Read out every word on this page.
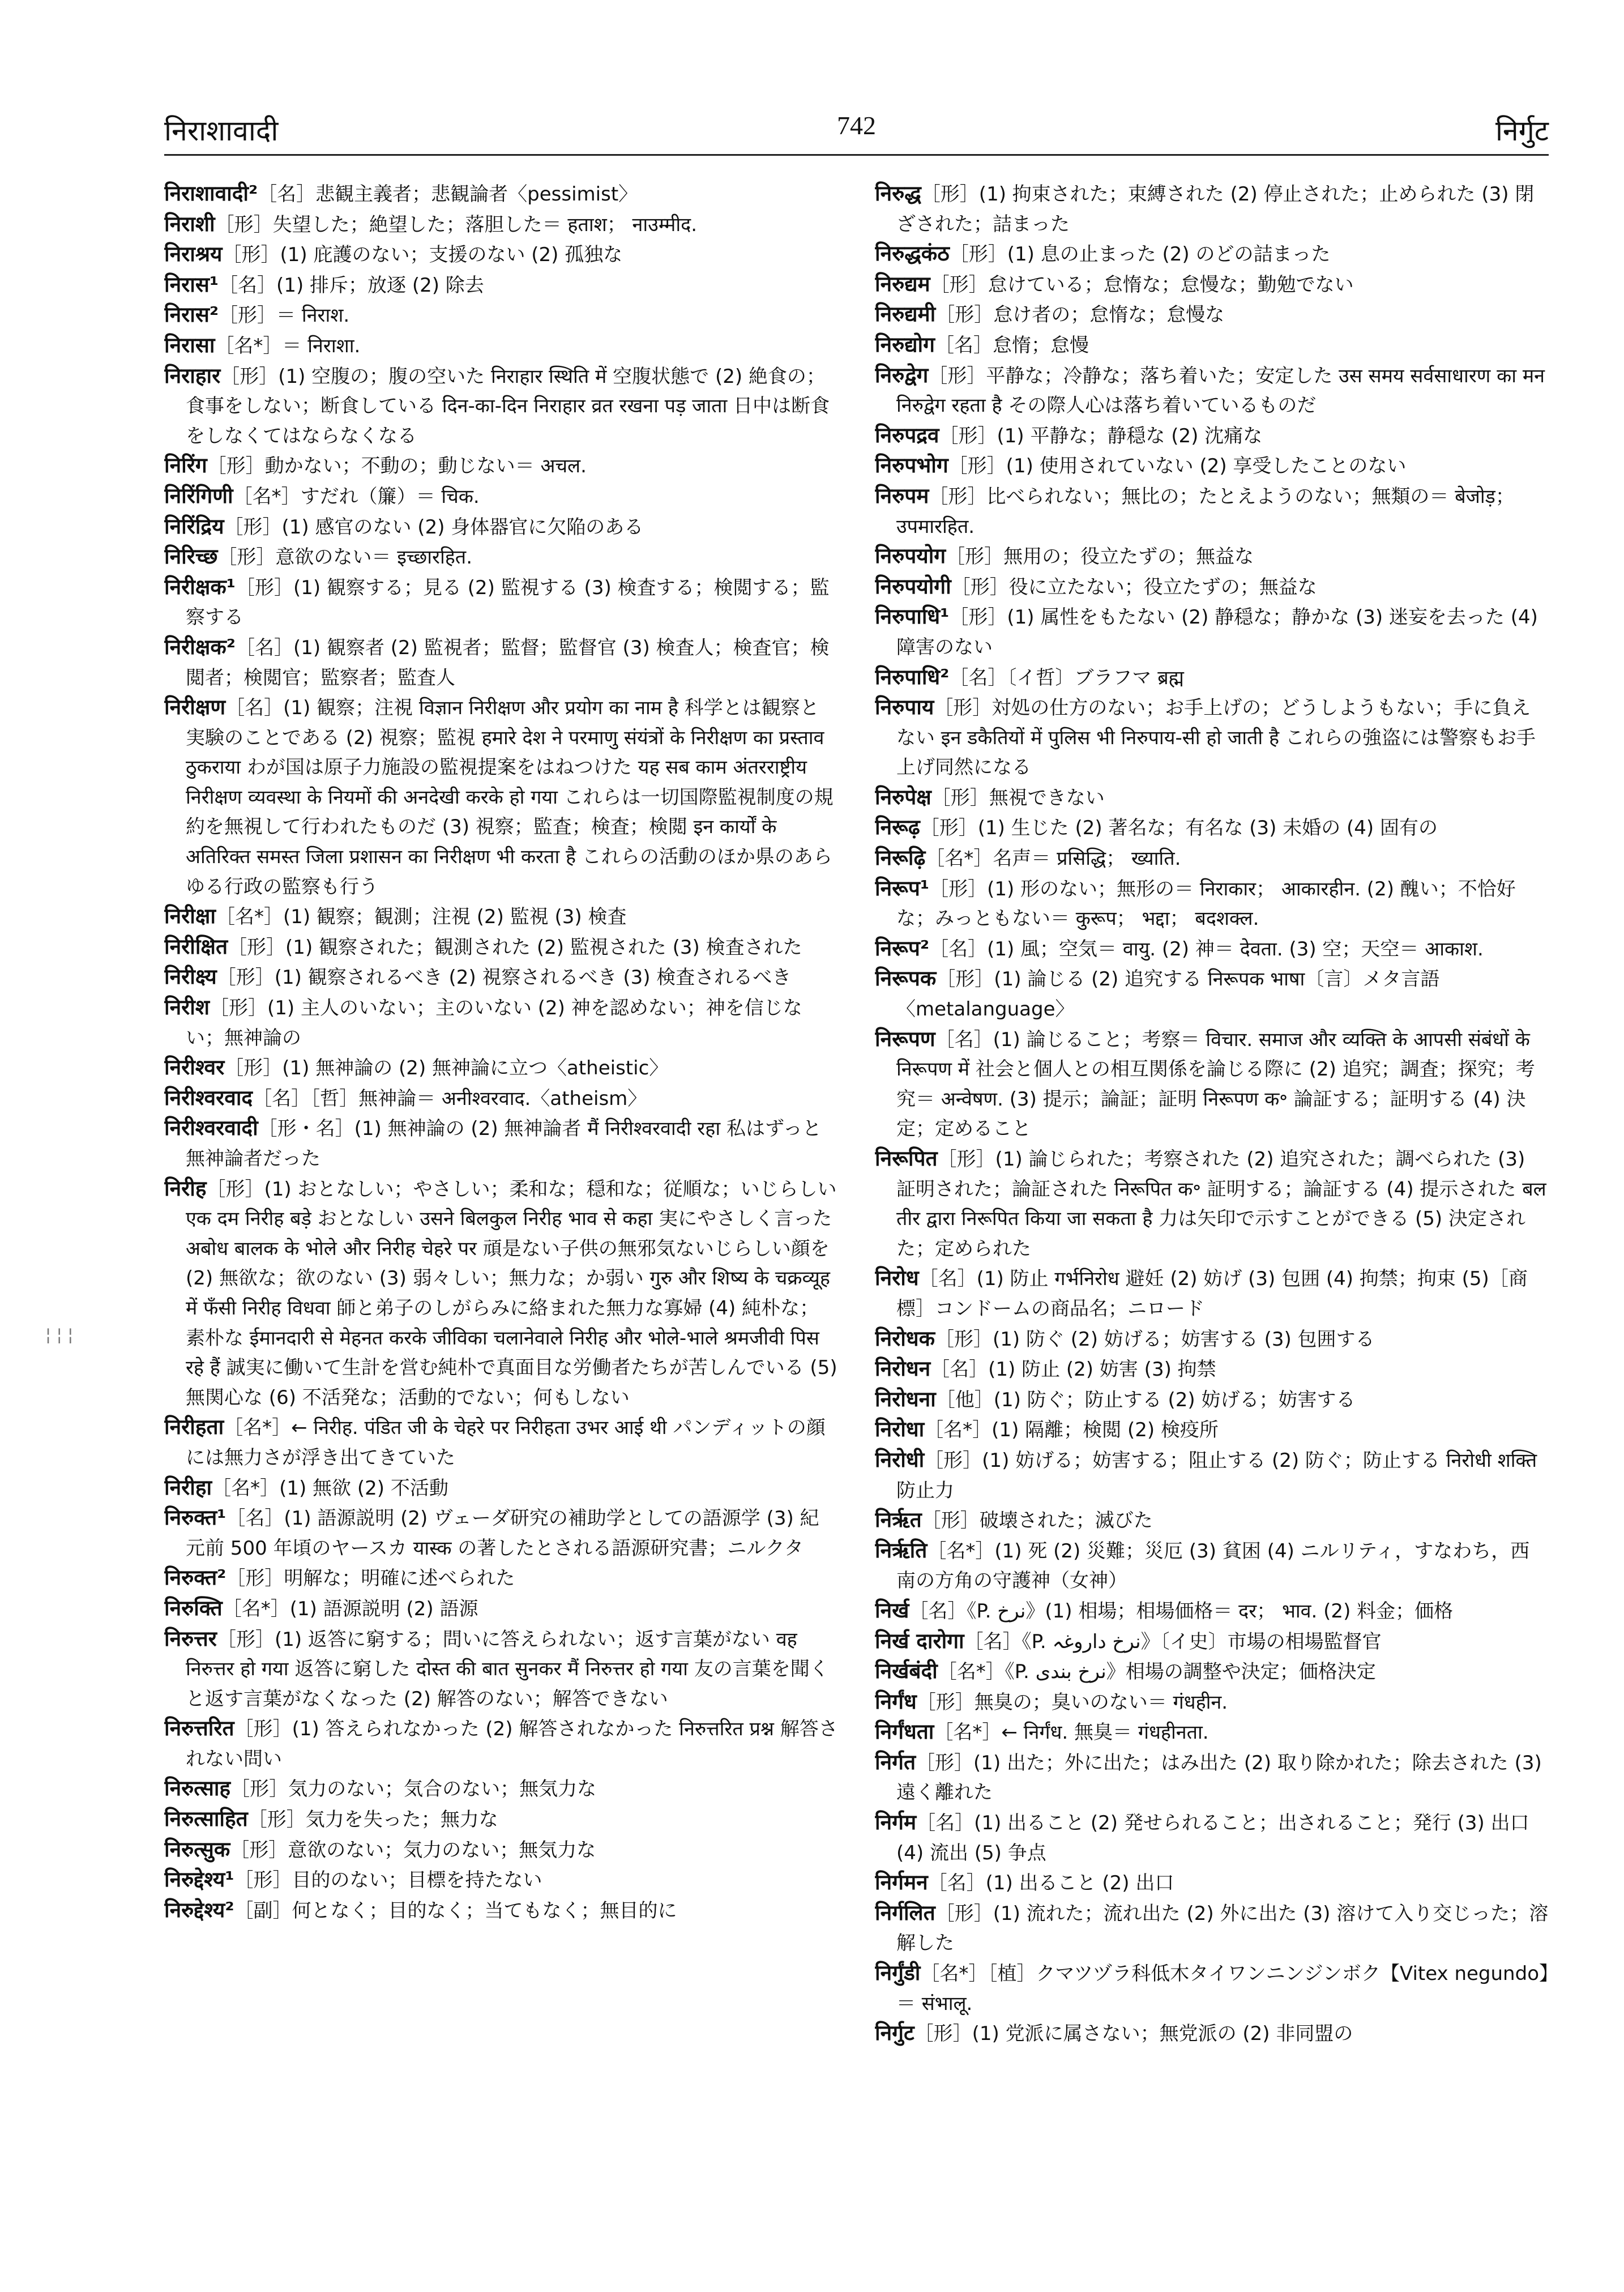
निराशावादी	742	निर्गुट
¦ ¦ ¦
निराशावादी²［名］悲観主義者；悲観論者〈pessimist〉
निराशी［形］失望した；絶望した；落胆した＝ हताश； नाउम्मीद.
निराश्रय［形］(1) 庇護のない；支援のない (2) 孤独な
निरास¹［名］(1) 排斥；放逐 (2) 除去
निरास²［形］＝ निराश.
निरासा［名*］＝ निराशा.
निराहार［形］(1) 空腹の；腹の空いた निराहार स्थिति में 空腹状態で (2) 絶食の；食事をしない；断食している दिन-का-दिन निराहार व्रत रखना पड़ जाता 日中は断食をしなくてはならなくなる
निरिंग［形］動かない；不動の；動じない＝ अचल.
निरिंगिणी［名*］すだれ（簾）＝ चिक.
निरिंद्रिय［形］(1) 感官のない (2) 身体器官に欠陥のある
निरिच्छ［形］意欲のない＝ इच्छारहित.
निरीक्षक¹［形］(1) 観察する；見る (2) 監視する (3) 検査する；検閲する；監察する
निरीक्षक²［名］(1) 観察者 (2) 監視者；監督；監督官 (3) 検査人；検査官；検閲者；検閲官；監察者；監査人
निरीक्षण［名］(1) 観察；注視 विज्ञान निरीक्षण और प्रयोग का नाम है 科学とは観察と実験のことである (2) 視察；監視 हमारे देश ने परमाणु संयंत्रों के निरीक्षण का प्रस्ताव ठुकराया わが国は原子力施設の監視提案をはねつけた यह सब काम अंतरराष्ट्रीय निरीक्षण व्यवस्था के नियमों की अनदेखी करके हो गया これらは一切国際監視制度の規約を無視して行われたものだ (3) 視察；監査；検査；検閲 इन कार्यों के अतिरिक्त समस्त जिला प्रशासन का निरीक्षण भी करता है これらの活動のほか県のあらゆる行政の監察も行う
निरीक्षा［名*］(1) 観察；観測；注視 (2) 監視 (3) 検査
निरीक्षित［形］(1) 観察された；観測された (2) 監視された (3) 検査された
निरीक्ष्य［形］(1) 観察されるべき (2) 視察されるべき (3) 検査されるべき
निरीश［形］(1) 主人のいない；主のいない (2) 神を認めない；神を信じない；無神論の
निरीश्वर［形］(1) 無神論の (2) 無神論に立つ〈atheistic〉
निरीश्वरवाद［名］［哲］無神論＝ अनीश्वरवाद.〈atheism〉
निरीश्वरवादी［形・名］(1) 無神論の (2) 無神論者 मैं निरीश्वरवादी रहा 私はずっと無神論者だった
निरीह［形］(1) おとなしい；やさしい；柔和な；穏和な；従順な；いじらしい एक दम निरीह बड़े おとなしい उसने बिलकुल निरीह भाव से कहा 実にやさしく言った अबोध बालक के भोले और निरीह चेहरे पर 頑是ない子供の無邪気ないじらしい顔を (2) 無欲な；欲のない (3) 弱々しい；無力な；か弱い गुरु और शिष्य के चक्रव्यूह में फँसी निरीह विधवा 師と弟子のしがらみに絡まれた無力な寡婦 (4) 純朴な；素朴な ईमानदारी से मेहनत करके जीविका चलानेवाले निरीह और भोले-भाले श्रमजीवी पिस रहे हैं 誠実に働いて生計を営む純朴で真面目な労働者たちが苦しんでいる (5) 無関心な (6) 不活発な；活動的でない；何もしない
निरीहता［名*］← निरीह. पंडित जी के चेहरे पर निरीहता उभर आई थी パンディットの顔には無力さが浮き出てきていた
निरीहा［名*］(1) 無欲 (2) 不活動
निरुक्त¹［名］(1) 語源説明 (2) ヴェーダ研究の補助学としての語源学 (3) 紀元前 500 年頃のヤースカ यास्क の著したとされる語源研究書；ニルクタ
निरुक्त²［形］明解な；明確に述べられた
निरुक्ति［名*］(1) 語源説明 (2) 語源
निरुत्तर［形］(1) 返答に窮する；問いに答えられない；返す言葉がない वह निरुत्तर हो गया 返答に窮した दोस्त की बात सुनकर मैं निरुत्तर हो गया 友の言葉を聞くと返す言葉がなくなった (2) 解答のない；解答できない
निरुत्तरित［形］(1) 答えられなかった (2) 解答されなかった निरुत्तरित प्रश्न 解答されない問い
निरुत्साह［形］気力のない；気合のない；無気力な
निरुत्साहित［形］気力を失った；無力な
निरुत्सुक［形］意欲のない；気力のない；無気力な
निरुद्देश्य¹［形］目的のない；目標を持たない
निरुद्देश्य²［副］何となく；目的なく；当てもなく；無目的に
निरुद्ध［形］(1) 拘束された；束縛された (2) 停止された；止められた (3) 閉ざされた；詰まった
निरुद्धकंठ［形］(1) 息の止まった (2) のどの詰まった
निरुद्यम［形］怠けている；怠惰な；怠慢な；勤勉でない
निरुद्यमी［形］怠け者の；怠惰な；怠慢な
निरुद्योग［名］怠惰；怠慢
निरुद्वेग［形］平静な；冷静な；落ち着いた；安定した उस समय सर्वसाधारण का मन निरुद्वेग रहता है その際人心は落ち着いているものだ
निरुपद्रव［形］(1) 平静な；静穏な (2) 沈痛な
निरुपभोग［形］(1) 使用されていない (2) 享受したことのない
निरुपम［形］比べられない；無比の；たとえようのない；無類の＝ बेजोड़； उपमारहित.
निरुपयोग［形］無用の；役立たずの；無益な
निरुपयोगी［形］役に立たない；役立たずの；無益な
निरुपाधि¹［形］(1) 属性をもたない (2) 静穏な；静かな (3) 迷妄を去った (4) 障害のない
निरुपाधि²［名］〔イ哲〕ブラフマ ब्रह्म
निरुपाय［形］対処の仕方のない；お手上げの；どうしようもない；手に負えない इन डकैतियों में पुलिस भी निरुपाय-सी हो जाती है これらの強盗には警察もお手上げ同然になる
निरुपेक्ष［形］無視できない
निरूढ़［形］(1) 生じた (2) 著名な；有名な (3) 未婚の (4) 固有の
निरूढ़ि［名*］名声＝ प्रसिद्धि； ख्याति.
निरूप¹［形］(1) 形のない；無形の＝ निराकार； आकारहीन. (2) 醜い；不恰好な；みっともない＝ कुरूप； भद्दा； बदशक्ल.
निरूप²［名］(1) 風；空気＝ वायु. (2) 神＝ देवता. (3) 空；天空＝ आकाश.
निरूपक［形］(1) 論じる (2) 追究する निरूपक भाषा〔言〕メタ言語〈metalanguage〉
निरूपण［名］(1) 論じること；考察＝ विचार. समाज और व्यक्ति के आपसी संबंधों के निरूपण में 社会と個人との相互関係を論じる際に (2) 追究；調査；探究；考究＝ अन्वेषण. (3) 提示；論証；証明 निरूपण क॰ 論証する；証明する (4) 決定；定めること
निरूपित［形］(1) 論じられた；考察された (2) 追究された；調べられた (3) 証明された；論証された निरूपित क॰ 証明する；論証する (4) 提示された बल तीर द्वारा निरूपित किया जा सकता है 力は矢印で示すことができる (5) 決定された；定められた
निरोध［名］(1) 防止 गर्भनिरोध 避妊 (2) 妨げ (3) 包囲 (4) 拘禁；拘束 (5)［商標］コンドームの商品名；ニロード
निरोधक［形］(1) 防ぐ (2) 妨げる；妨害する (3) 包囲する
निरोधन［名］(1) 防止 (2) 妨害 (3) 拘禁
निरोधना［他］(1) 防ぐ；防止する (2) 妨げる；妨害する
निरोधा［名*］(1) 隔離；検閲 (2) 検疫所
निरोधी［形］(1) 妨げる；妨害する；阻止する (2) 防ぐ；防止する निरोधी शक्ति 防止力
निर्ऋत［形］破壊された；滅びた
निर्ऋति［名*］(1) 死 (2) 災難；災厄 (3) 貧困 (4) ニルリティ，すなわち，西南の方角の守護神（女神）
निर्ख［名］《P. نرخ》(1) 相場；相場価格＝ दर； भाव. (2) 料金；価格
निर्ख दारोगा［名］《P. نرخ داروغہ》〔イ史〕市場の相場監督官
निर्खबंदी［名*］《P. نرخ بندی》相場の調整や決定；価格決定
निर्गंध［形］無臭の；臭いのない＝ गंधहीन.
निर्गंधता［名*］← निर्गंध. 無臭＝ गंधहीनता.
निर्गत［形］(1) 出た；外に出た；はみ出た (2) 取り除かれた；除去された (3) 遠く離れた
निर्गम［名］(1) 出ること (2) 発せられること；出されること；発行 (3) 出口 (4) 流出 (5) 争点
निर्गमन［名］(1) 出ること (2) 出口
निर्गलित［形］(1) 流れた；流れ出た (2) 外に出た (3) 溶けて入り交じった；溶解した
निर्गुंडी［名*］［植］クマツヅラ科低木タイワンニンジンボク【Vitex negundo】＝ संभालू.
निर्गुट［形］(1) 党派に属さない；無党派の (2) 非同盟の
